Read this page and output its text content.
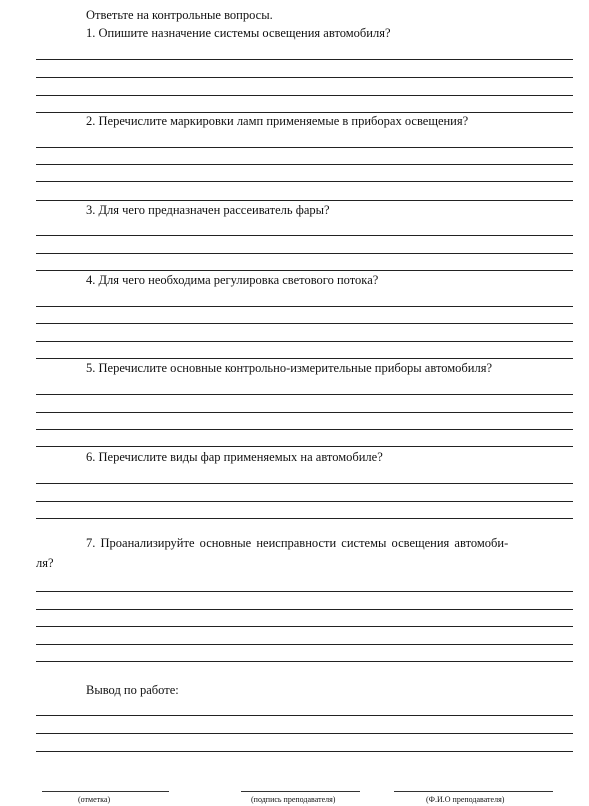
Ответьте на контрольные вопросы.
1. Опишите назначение системы освещения автомобиля?
2. Перечислите маркировки ламп применяемые в приборах освещения?
3. Для чего предназначен рассеиватель фары?
4. Для чего необходима регулировка светового потока?
5. Перечислите основные контрольно-измерительные приборы автомобиля?
6. Перечислите виды фар применяемых на автомобиле?
7. Проанализируйте основные неисправности системы освещения автомоби-
ля?
Вывод по работе:
(отметка)	(подпись преподавателя)	(Ф.И.О преподавателя)
